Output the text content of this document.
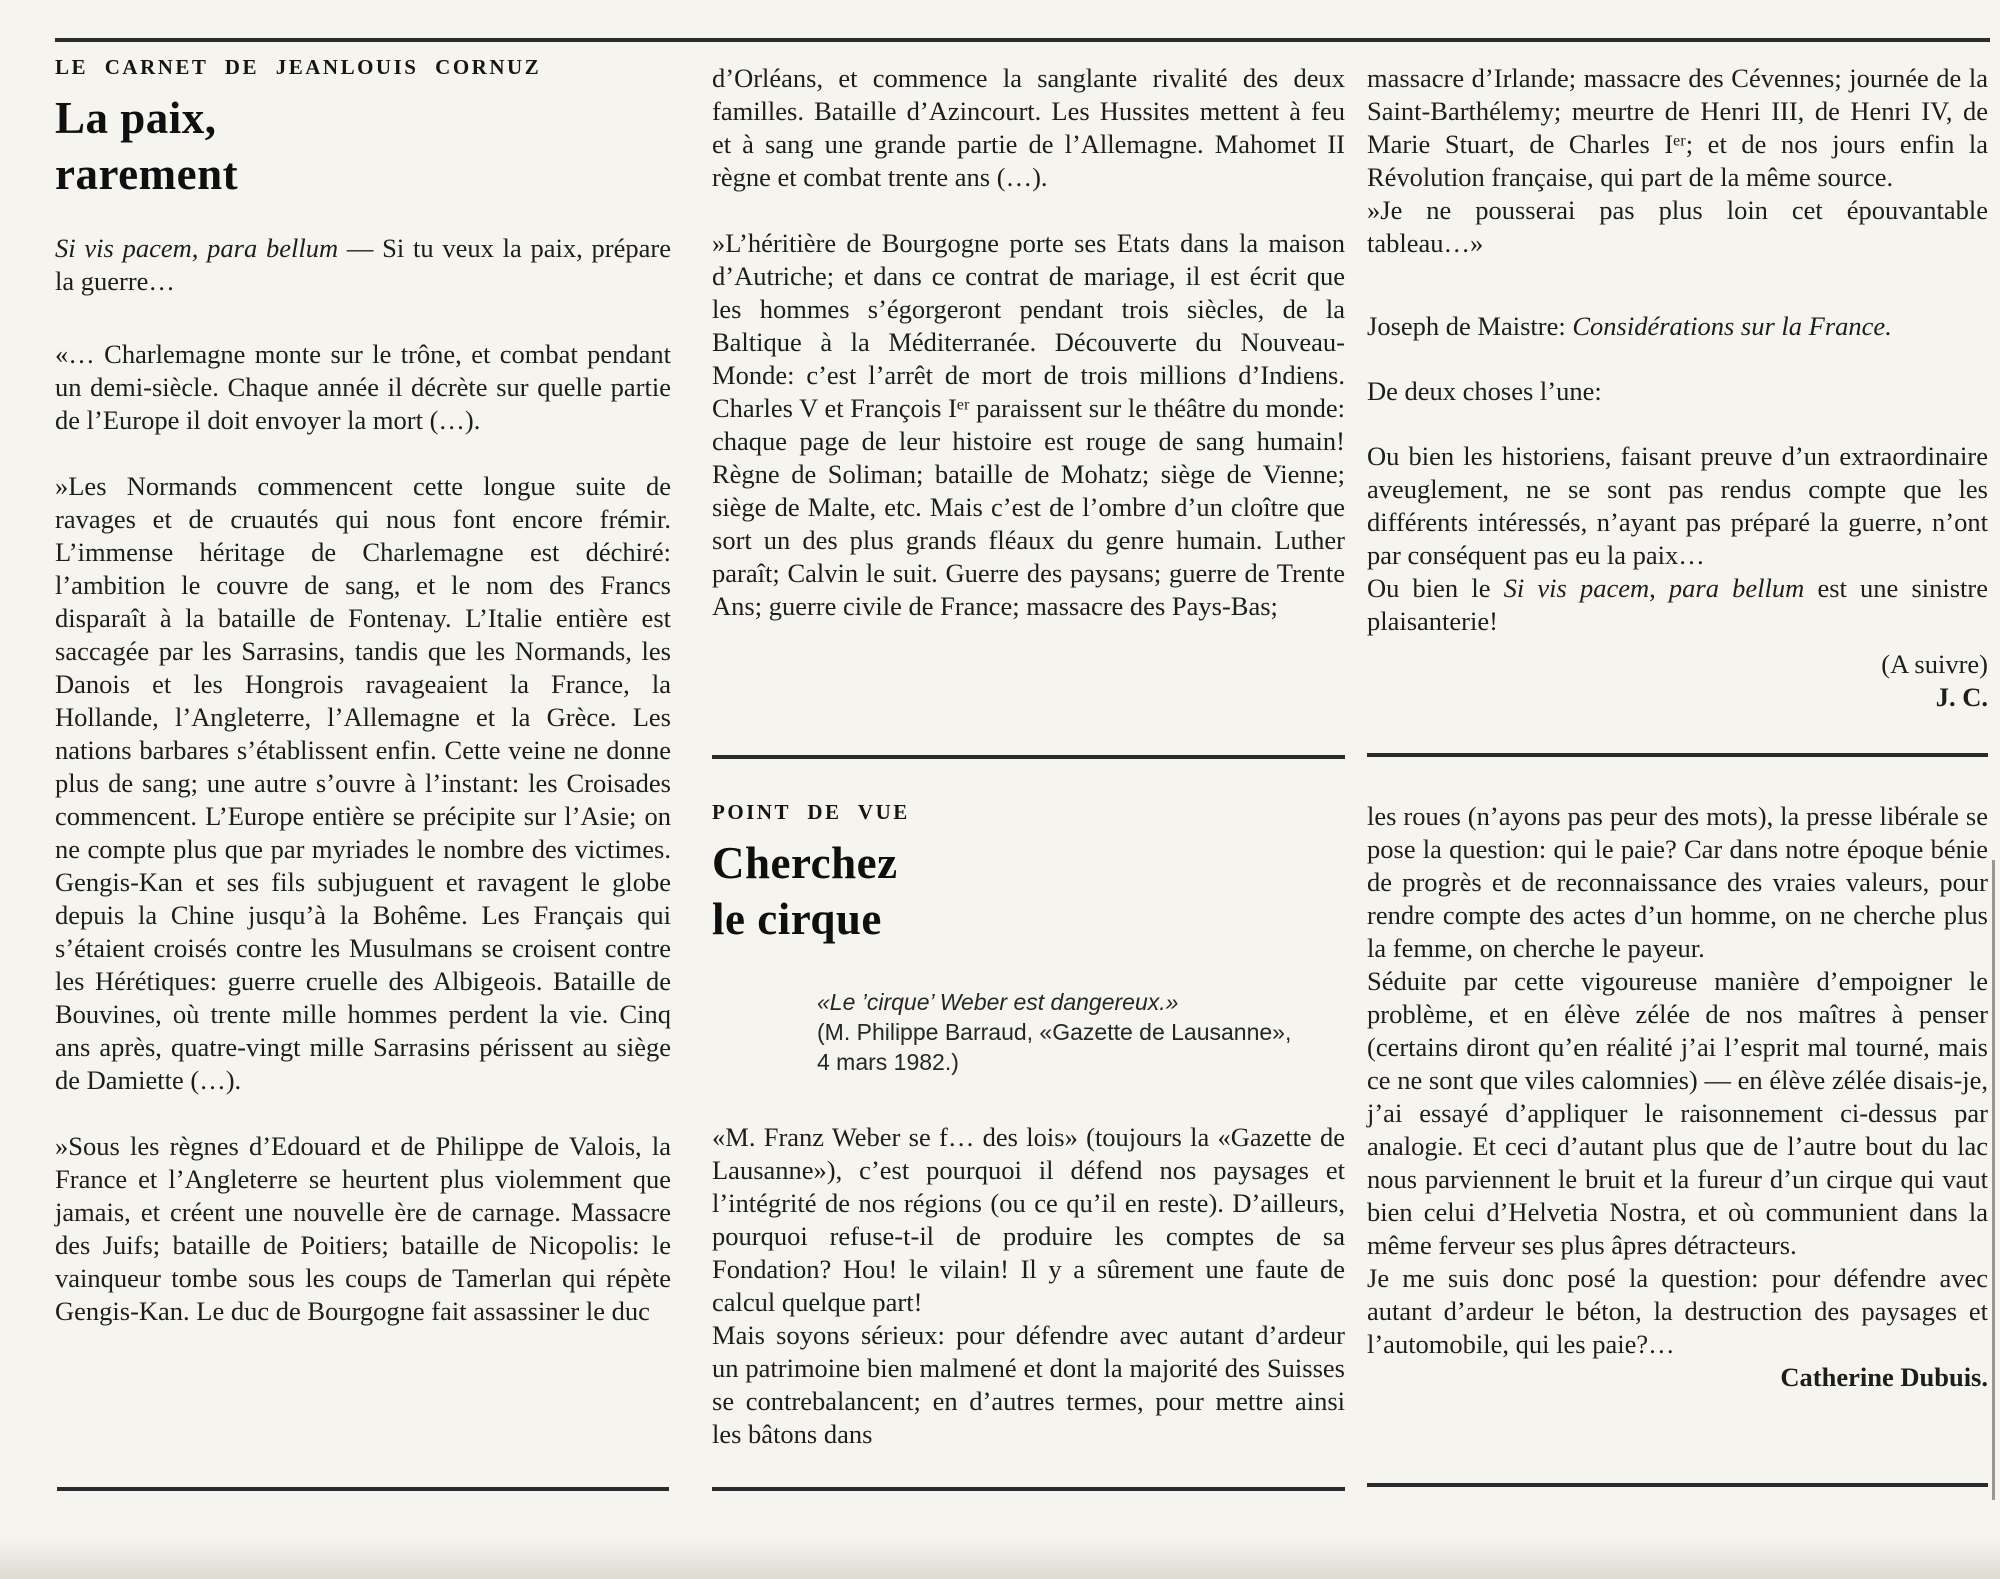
LE CARNET DE JEANLOUIS CORNUZ
La paix,
rarement

Si vis pacem, para bellum — Si tu veux la paix, prépare la guerre…

«… Charlemagne monte sur le trône, et combat pendant un demi-siècle. Chaque année il décrète sur quelle partie de l’Europe il doit envoyer la mort (…).

»Les Normands commencent cette longue suite de ravages et de cruautés qui nous font encore frémir. L’immense héritage de Charlemagne est déchiré: l’ambition le couvre de sang, et le nom des Francs disparaît à la bataille de Fontenay. L’Italie entière est saccagée par les Sarrasins, tandis que les Normands, les Danois et les Hongrois ravageaient la France, la Hollande, l’Angleterre, l’Allemagne et la Grèce. Les nations barbares s’établissent enfin. Cette veine ne donne plus de sang; une autre s’ouvre à l’instant: les Croisades commencent. L’Europe entière se précipite sur l’Asie; on ne compte plus que par myriades le nombre des victimes. Gengis-Kan et ses fils subjuguent et ravagent le globe depuis la Chine jusqu’à la Bohême. Les Français qui s’étaient croisés contre les Musulmans se croisent contre les Hérétiques: guerre cruelle des Albigeois. Bataille de Bouvines, où trente mille hommes perdent la vie. Cinq ans après, quatre-vingt mille Sarrasins périssent au siège de Damiette (…).

»Sous les règnes d’Edouard et de Philippe de Valois, la France et l’Angleterre se heurtent plus violemment que jamais, et créent une nouvelle ère de carnage. Massacre des Juifs; bataille de Poitiers; bataille de Nicopolis: le vainqueur tombe sous les coups de Tamerlan qui répète Gengis-Kan. Le duc de Bourgogne fait assassiner le duc

d’Orléans, et commence la sanglante rivalité des deux familles. Bataille d’Azincourt. Les Hussites mettent à feu et à sang une grande partie de l’Allemagne. Mahomet II règne et combat trente ans (…).

»L’héritière de Bourgogne porte ses Etats dans la maison d’Autriche; et dans ce contrat de mariage, il est écrit que les hommes s’égorgeront pendant trois siècles, de la Baltique à la Méditerranée. Découverte du Nouveau-Monde: c’est l’arrêt de mort de trois millions d’Indiens. Charles V et François Iᵉʳ paraissent sur le théâtre du monde: chaque page de leur histoire est rouge de sang humain! Règne de Soliman; bataille de Mohatz; siège de Vienne; siège de Malte, etc. Mais c’est de l’ombre d’un cloître que sort un des plus grands fléaux du genre humain. Luther paraît; Calvin le suit. Guerre des paysans; guerre de Trente Ans; guerre civile de France; massacre des Pays-Bas;

POINT DE VUE
Cherchez
le cirque
«Le ’cirque’ Weber est dangereux.»
(M. Philippe Barraud, «Gazette de Lausanne»,
4 mars 1982.)

«M. Franz Weber se f… des lois» (toujours la «Gazette de Lausanne»), c’est pourquoi il défend nos paysages et l’intégrité de nos régions (ou ce qu’il en reste). D’ailleurs, pourquoi refuse-t-il de produire les comptes de sa Fondation? Hou! le vilain! Il y a sûrement une faute de calcul quelque part!

Mais soyons sérieux: pour défendre avec autant d’ardeur un patrimoine bien malmené et dont la majorité des Suisses se contrebalancent; en d’autres termes, pour mettre ainsi les bâtons dans

massacre d’Irlande; massacre des Cévennes; journée de la Saint-Barthélemy; meurtre de Henri III, de Henri IV, de Marie Stuart, de Charles Iᵉʳ; et de nos jours enfin la Révolution française, qui part de la même source.

»Je ne pousserai pas plus loin cet épouvantable tableau…»

Joseph de Maistre: Considérations sur la France.

De deux choses l’une:

Ou bien les historiens, faisant preuve d’un extraordinaire aveuglement, ne se sont pas rendus compte que les différents intéressés, n’ayant pas préparé la guerre, n’ont par conséquent pas eu la paix…

Ou bien le Si vis pacem, para bellum est une sinistre plaisanterie!

(A suivre)

J. C.

les roues (n’ayons pas peur des mots), la presse libérale se pose la question: qui le paie? Car dans notre époque bénie de progrès et de reconnaissance des vraies valeurs, pour rendre compte des actes d’un homme, on ne cherche plus la femme, on cherche le payeur.

Séduite par cette vigoureuse manière d’empoigner le problème, et en élève zélée de nos maîtres à penser (certains diront qu’en réalité j’ai l’esprit mal tourné, mais ce ne sont que viles calomnies) — en élève zélée disais-je, j’ai essayé d’appliquer le raisonnement ci-dessus par analogie. Et ceci d’autant plus que de l’autre bout du lac nous parviennent le bruit et la fureur d’un cirque qui vaut bien celui d’Helvetia Nostra, et où communient dans la même ferveur ses plus âpres détracteurs.

Je me suis donc posé la question: pour défendre avec autant d’ardeur le béton, la destruction des paysages et l’automobile, qui les paie?…

Catherine Dubuis.
